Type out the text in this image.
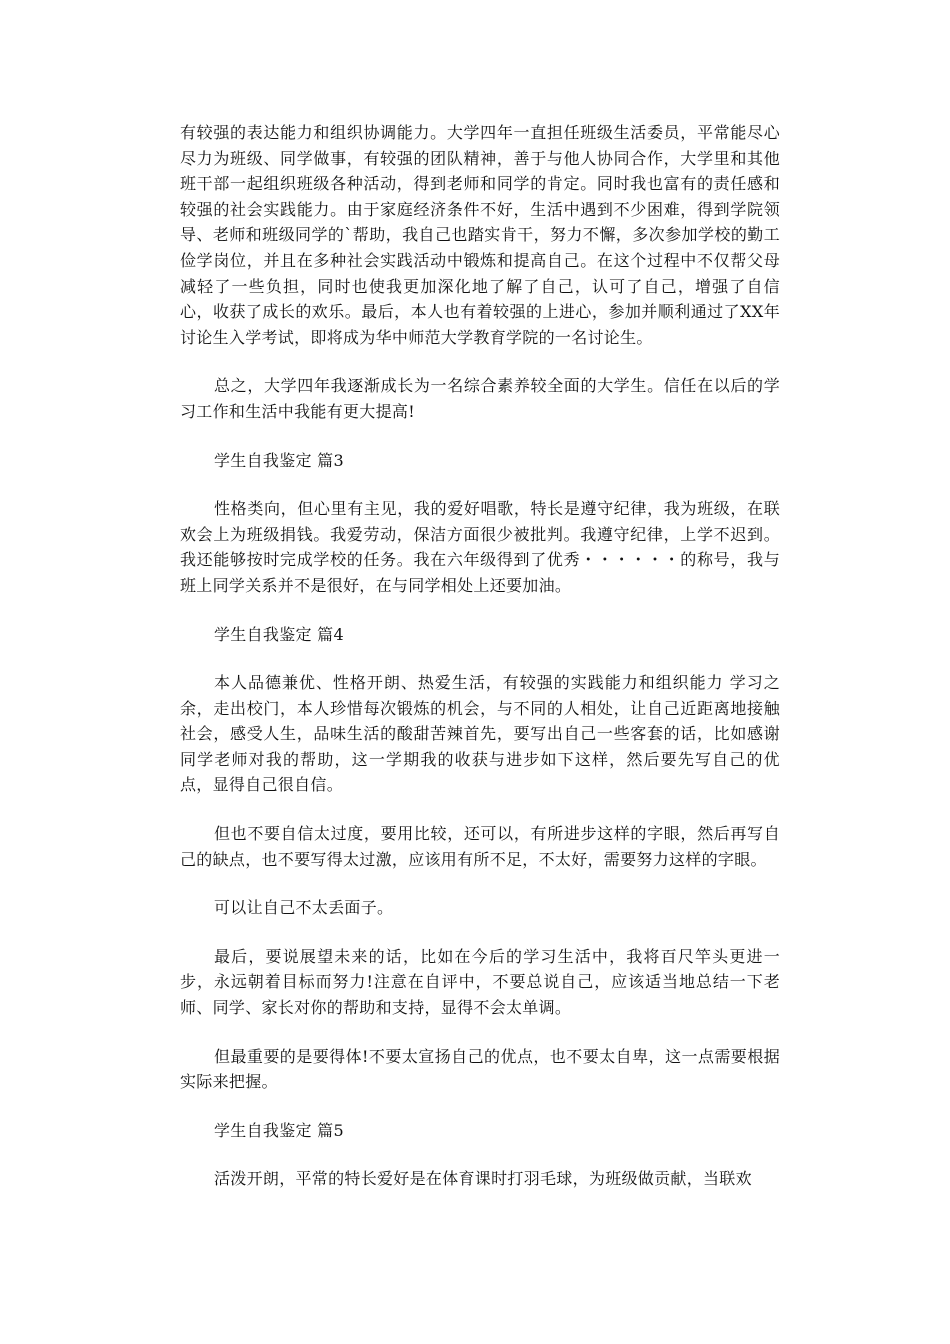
有较强的表达能力和组织协调能力。大学四年一直担任班级生活委员，平常能尽心尽力为班级、同学做事，有较强的团队精神，善于与他人协同合作，大学里和其他班干部一起组织班级各种活动，得到老师和同学的肯定。同时我也富有的责任感和较强的社会实践能力。由于家庭经济条件不好，生活中遇到不少困难，得到学院领导、老师和班级同学的`帮助，我自己也踏实肯干，努力不懈，多次参加学校的勤工俭学岗位，并且在多种社会实践活动中锻炼和提高自己。在这个过程中不仅帮父母减轻了一些负担，同时也使我更加深化地了解了自己，认可了自己，增强了自信心，收获了成长的欢乐。最后，本人也有着较强的上进心，参加并顺利通过了XX年讨论生入学考试，即将成为华中师范大学教育学院的一名讨论生。

总之，大学四年我逐渐成长为一名综合素养较全面的大学生。信任在以后的学习工作和生活中我能有更大提高!

学生自我鉴定 篇3

性格类向，但心里有主见，我的爱好唱歌，特长是遵守纪律，我为班级，在联欢会上为班级捐钱。我爱劳动，保洁方面很少被批判。我遵守纪律，上学不迟到。我还能够按时完成学校的任务。我在六年级得到了优秀・・・・・・的称号，我与班上同学关系并不是很好，在与同学相处上还要加油。

学生自我鉴定 篇4

本人品德兼优、性格开朗、热爱生活，有较强的实践能力和组织能力 学习之余，走出校门，本人珍惜每次锻炼的机会，与不同的人相处，让自己近距离地接触社会，感受人生，品味生活的酸甜苦辣首先，要写出自己一些客套的话，比如感谢同学老师对我的帮助，这一学期我的收获与进步如下这样，然后要先写自己的优点，显得自己很自信。

但也不要自信太过度，要用比较，还可以，有所进步这样的字眼，然后再写自己的缺点，也不要写得太过激，应该用有所不足，不太好，需要努力这样的字眼。

可以让自己不太丢面子。

最后，要说展望未来的话，比如在今后的学习生活中，我将百尺竿头更进一步，永远朝着目标而努力!注意在自评中，不要总说自己，应该适当地总结一下老师、同学、家长对你的帮助和支持，显得不会太单调。

但最重要的是要得体!不要太宣扬自己的优点，也不要太自卑，这一点需要根据实际来把握。

学生自我鉴定 篇5

活泼开朗，平常的特长爱好是在体育课时打羽毛球，为班级做贡献，当联欢
